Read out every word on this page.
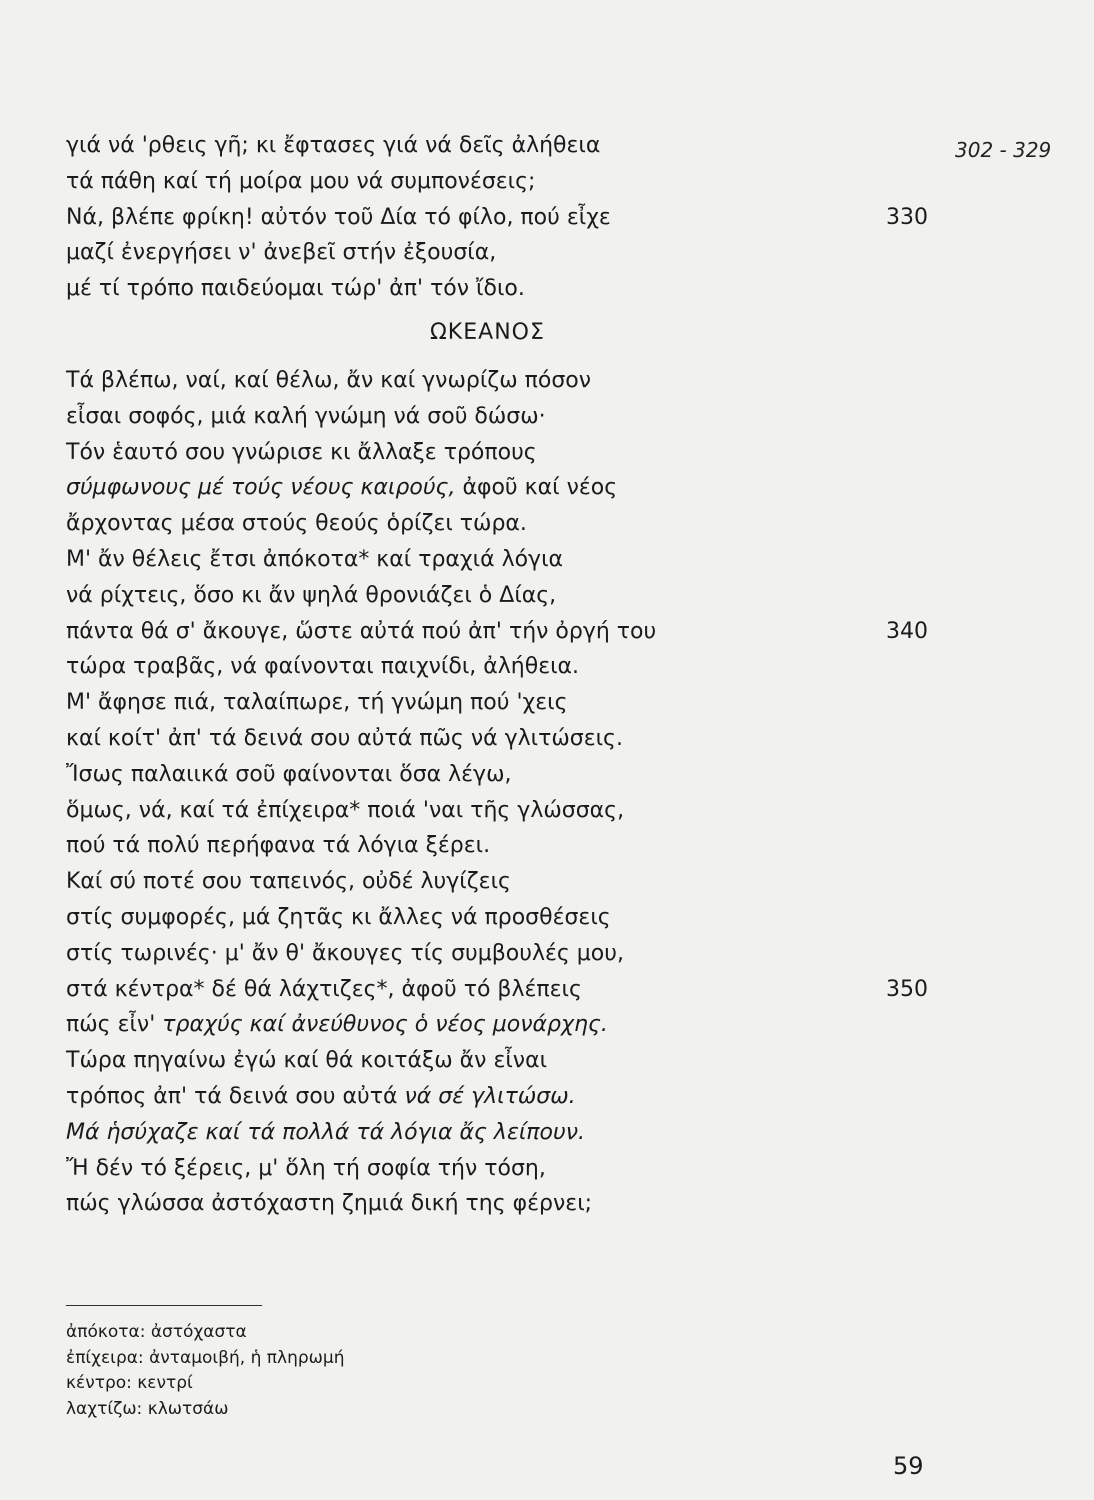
302 - 329
γιά νά 'ρθεις γῆ; κι ἔφτασες γιά νά δεῖς ἀλήθεια
τά πάθη καί τή μοίρα μου νά συμπονέσεις;
Νά, βλέπε φρίκη! αὐτόν τοῦ Δία τό φίλο, πού εἶχε	330
μαζί ἐνεργήσει ν' ἀνεβεῖ στήν ἐξουσία,
μέ τί τρόπο παιδεύομαι τώρ' ἀπ' τόν ἴδιο.
ΩΚΕΑΝΟΣ
Τά βλέπω, ναί, καί θέλω, ἄν καί γνωρίζω πόσον
εἶσαι σοφός, μιά καλή γνώμη νά σοῦ δώσω·
Τόν ἑαυτό σου γνώρισε κι ἄλλαξε τρόπους
σύμφωνους μέ τούς νέους καιρούς, ἀφοῦ καί νέος
ἄρχοντας μέσα στούς θεούς ὁρίζει τώρα.
Μ' ἄν θέλεις ἔτσι ἀπόκοτα* καί τραχιά λόγια
νά ρίχτεις, ὅσο κι ἄν ψηλά θρονιάζει ὁ Δίας,
πάντα θά σ' ἄκουγε, ὥστε αὐτά πού ἀπ' τήν ὀργή του	340
τώρα τραβᾶς, νά φαίνονται παιχνίδι, ἀλήθεια.
Μ' ἄφησε πιά, ταλαίπωρε, τή γνώμη πού 'χεις
καί κοίτ' ἀπ' τά δεινά σου αὐτά πῶς νά γλιτώσεις.
Ἴσως παλαιικά σοῦ φαίνονται ὅσα λέγω,
ὅμως, νά, καί τά ἐπίχειρα* ποιά 'ναι τῆς γλώσσας,
πού τά πολύ περήφανα τά λόγια ξέρει.
Καί σύ ποτέ σου ταπεινός, οὐδέ λυγίζεις
στίς συμφορές, μά ζητᾶς κι ἄλλες νά προσθέσεις
στίς τωρινές· μ' ἄν θ' ἄκουγες τίς συμβουλές μου,
στά κέντρα* δέ θά λάχτιζες*, ἀφοῦ τό βλέπεις	350
πώς εἶν' τραχύς καί ἀνεύθυνος ὁ νέος μονάρχης.
Τώρα πηγαίνω ἐγώ καί θά κοιτάξω ἄν εἶναι
τρόπος ἀπ' τά δεινά σου αὐτά νά σέ γλιτώσω.
Μά ἡσύχαζε καί τά πολλά τά λόγια ἄς λείπουν.
Ἤ δέν τό ξέρεις, μ' ὅλη τή σοφία τήν τόση,
πώς γλώσσα ἀστόχαστη ζημιά δική της φέρνει;
ἀπόκοτα: ἀστόχαστα
ἐπίχειρα: ἀνταμοιβή, ἡ πληρωμή
κέντρο: κεντρί
λαχτίζω: κλωτσάω
59
